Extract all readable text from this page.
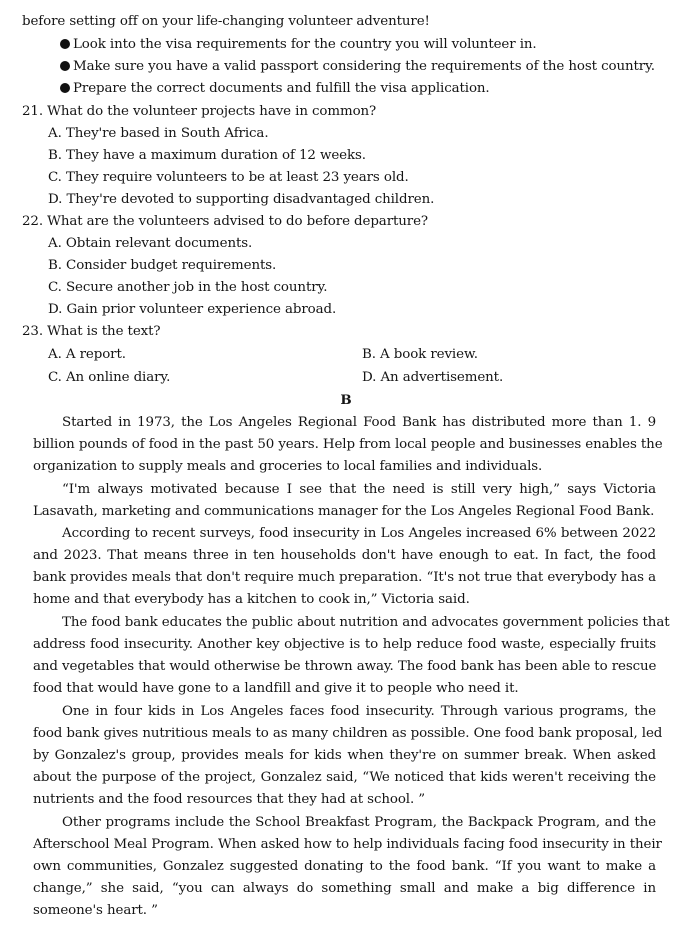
before setting off on your life-changing volunteer adventure!
Look into the visa requirements for the country you will volunteer in.
Make sure you have a valid passport considering the requirements of the host country.
Prepare the correct documents and fulfill the visa application.
21. What do the volunteer projects have in common?
A. They're based in South Africa.
B. They have a maximum duration of 12 weeks.
C. They require volunteers to be at least 23 years old.
D. They're devoted to supporting disadvantaged children.
22. What are the volunteers advised to do before departure?
A. Obtain relevant documents.
B. Consider budget requirements.
C. Secure another job in the host country.
D. Gain prior volunteer experience abroad.
23. What is the text?
A. A report.	B. A book review.
C. An online diary.	D. An advertisement.
B
Started in 1973, the Los Angeles Regional Food Bank has distributed more than 1. 9
billion pounds of food in the past 50 years. Help from local people and businesses enables the
organization to supply meals and groceries to local families and individuals.
“I'm always motivated because I see that the need is still very high,” says Victoria
Lasavath, marketing and communications manager for the Los Angeles Regional Food Bank.
According to recent surveys, food insecurity in Los Angeles increased 6% between 2022
and 2023. That means three in ten households don't have enough to eat. In fact, the food
bank provides meals that don't require much preparation. “It's not true that everybody has a
home and that everybody has a kitchen to cook in,” Victoria said.
The food bank educates the public about nutrition and advocates government policies that
address food insecurity. Another key objective is to help reduce food waste, especially fruits
and vegetables that would otherwise be thrown away. The food bank has been able to rescue
food that would have gone to a landfill and give it to people who need it.
One in four kids in Los Angeles faces food insecurity. Through various programs, the
food bank gives nutritious meals to as many children as possible. One food bank proposal, led
by Gonzalez's group, provides meals for kids when they're on summer break. When asked
about the purpose of the project, Gonzalez said, “We noticed that kids weren't receiving the
nutrients and the food resources that they had at school. ”
Other programs include the School Breakfast Program, the Backpack Program, and the
Afterschool Meal Program. When asked how to help individuals facing food insecurity in their
own communities, Gonzalez suggested donating to the food bank. “If you want to make a
change,” she said, “you can always do something small and make a big difference in
someone's heart. ”
